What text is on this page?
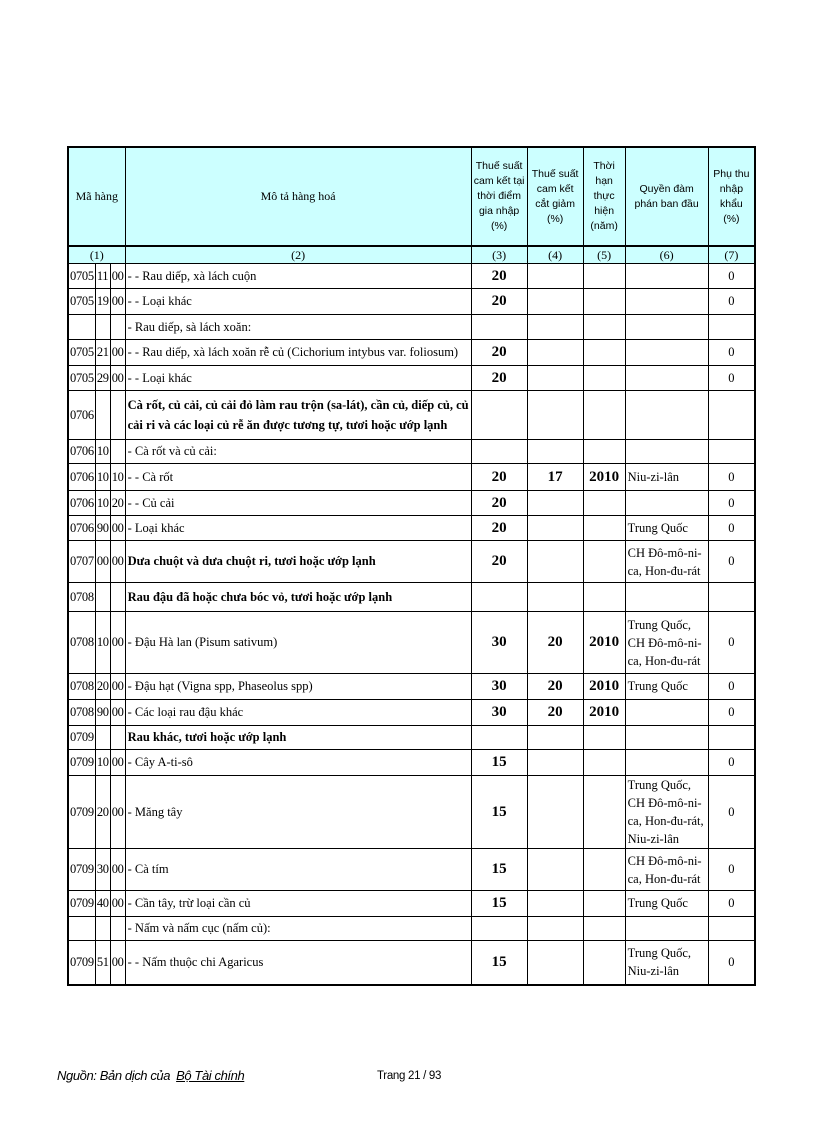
Mã hàng			Mô tả hàng hoá	Thuế suất cam kết tại thời điểm gia nhập (%)	Thuế suất cam kết cắt giảm (%)	Thời hạn thực hiện (năm)	Quyền đàm phán ban đầu	Phụ thu nhập khẩu (%)
(1)			(2)	(3)	(4)	(5)	(6)	(7)
0705	11	00	- - Rau diếp, xà lách cuộn	20				0
0705	19	00	- - Loại khác	20				0
			- Rau diếp, sà lách xoăn:					
0705	21	00	- - Rau diếp, xà lách xoăn rễ củ (Cichorium intybus var. foliosum)	20				0
0705	29	00	- - Loại khác	20				0
0706			Cà rốt, củ cải, củ cải đỏ làm rau trộn (sa-lát), cần củ, diếp củ, củ cải ri và các loại củ rễ ăn được tương tự, tươi hoặc ướp lạnh					
0706	10		- Cà rốt và củ cải:					
0706	10	10	- - Cà rốt	20	17	2010	Niu-zi-lân	0
0706	10	20	- - Củ cải	20				0
0706	90	00	- Loại khác	20			Trung Quốc	0
0707	00	00	Dưa chuột và dưa chuột ri, tươi hoặc ướp lạnh	20			CH Đô-mô-ni-ca, Hon-đu-rát	0
0708			Rau đậu đã hoặc chưa bóc vỏ, tươi hoặc ướp lạnh					
0708	10	00	- Đậu Hà lan (Pisum sativum)	30	20	2010	Trung Quốc, CH Đô-mô-ni-ca, Hon-đu-rát	0
0708	20	00	- Đậu hạt (Vigna spp, Phaseolus spp)	30	20	2010	Trung Quốc	0
0708	90	00	- Các loại rau đậu khác	30	20	2010		0
0709			Rau khác, tươi hoặc ướp lạnh					
0709	10	00	- Cây A-ti-sô	15				0
0709	20	00	- Măng tây	15			Trung Quốc, CH Đô-mô-ni-ca, Hon-đu-rát, Niu-zi-lân	0
0709	30	00	- Cà tím	15			CH Đô-mô-ni-ca, Hon-đu-rát	0
0709	40	00	- Cần tây, trừ loại cần củ	15			Trung Quốc	0
			- Nấm và nấm cục (nấm củ):					
0709	51	00	- - Nấm thuộc chi Agaricus	15			Trung Quốc, Niu-zi-lân	0
Nguồn: Bản dịch của Bộ Tài chính	Trang 21 / 93
